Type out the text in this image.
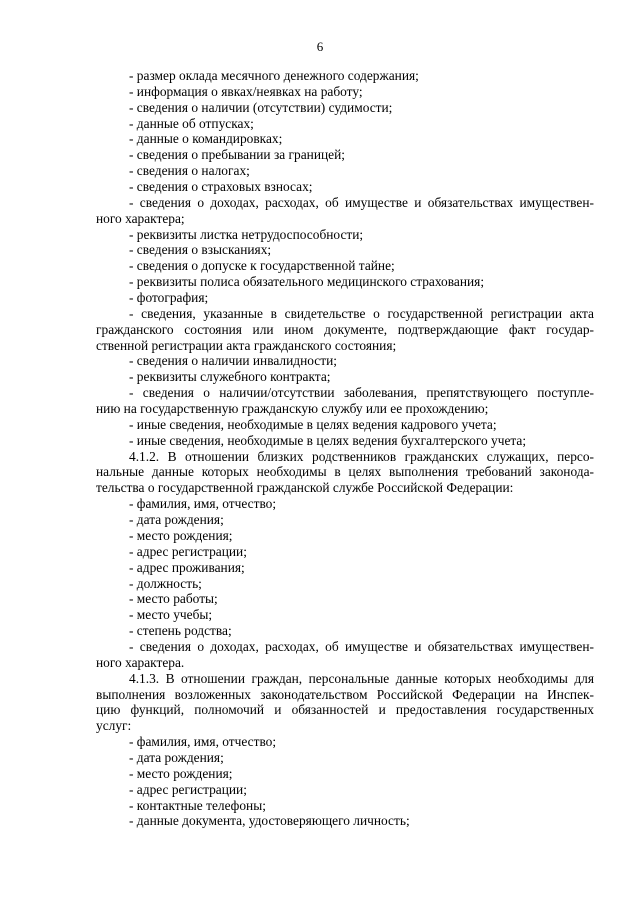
6
- размер оклада месячного денежного содержания;
- информация о явках/неявках на работу;
- сведения о наличии (отсутствии) судимости;
- данные об отпусках;
- данные о командировках;
- сведения о пребывании за границей;
- сведения о налогах;
- сведения о страховых взносах;
- сведения о доходах, расходах, об имуществе и обязательствах имуществен-
ного характера;
- реквизиты листка нетрудоспособности;
- сведения о взысканиях;
- сведения о допуске к государственной тайне;
- реквизиты полиса обязательного медицинского страхования;
- фотография;
- сведения, указанные в свидетельстве о государственной регистрации акта
гражданского состояния или ином документе, подтверждающие факт государ-
ственной регистрации акта гражданского состояния;
- сведения о наличии инвалидности;
- реквизиты служебного контракта;
- сведения о наличии/отсутствии заболевания, препятствующего поступле-
нию на государственную гражданскую службу или ее прохождению;
- иные сведения, необходимые в целях ведения кадрового учета;
- иные сведения, необходимые в целях ведения бухгалтерского учета;
4.1.2. В отношении близких родственников гражданских служащих, персо-
нальные данные которых необходимы в целях выполнения требований законода-
тельства о государственной гражданской службе Российской Федерации:
- фамилия, имя, отчество;
- дата рождения;
- место рождения;
- адрес регистрации;
- адрес проживания;
- должность;
- место работы;
- место учебы;
- степень родства;
- сведения о доходах, расходах, об имуществе и обязательствах имуществен-
ного характера.
4.1.3. В отношении граждан, персональные данные которых необходимы для
выполнения возложенных законодательством Российской Федерации на Инспек-
цию функций, полномочий и обязанностей и предоставления государственных
услуг:
- фамилия, имя, отчество;
- дата рождения;
- место рождения;
- адрес регистрации;
- контактные телефоны;
- данные документа, удостоверяющего личность;
